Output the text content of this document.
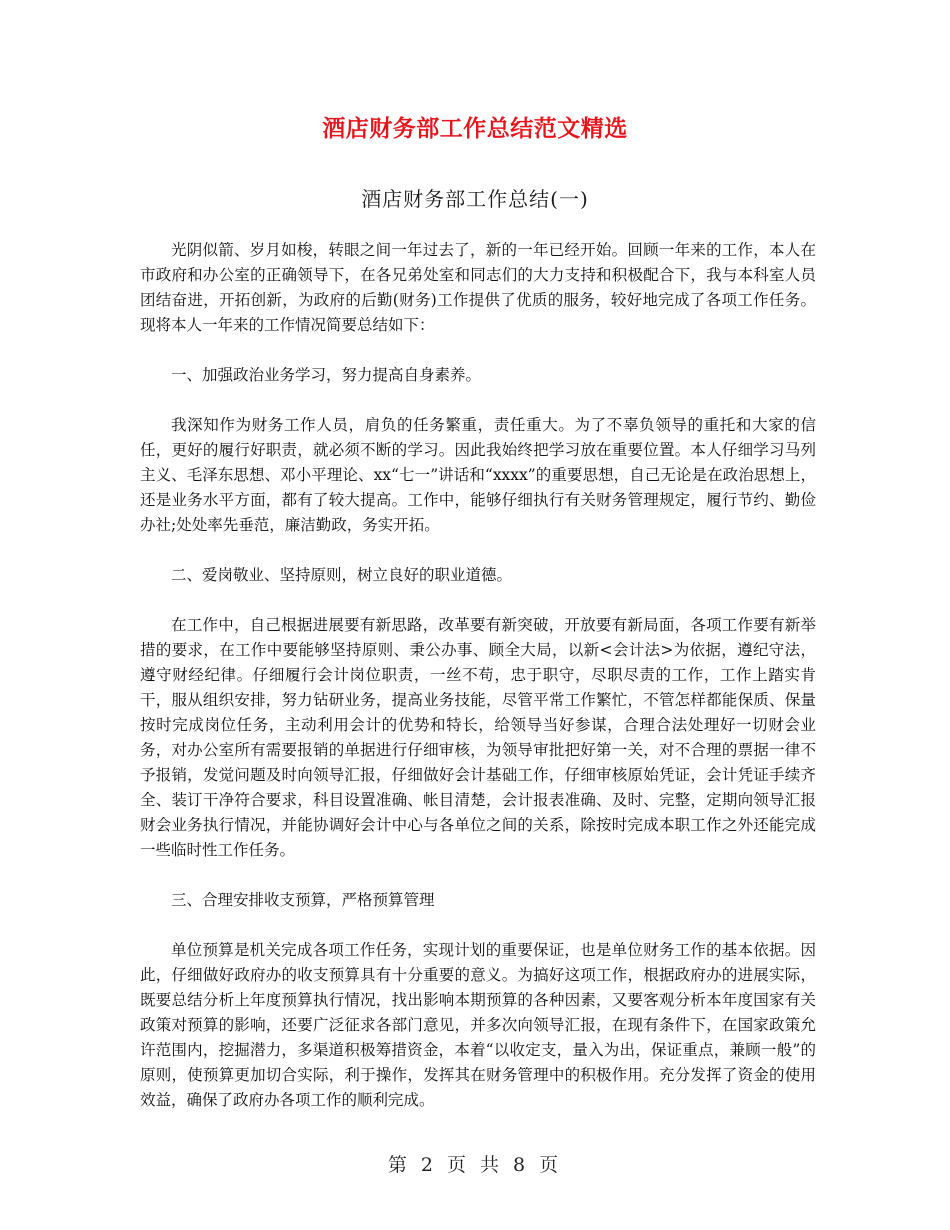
酒店财务部工作总结范文精选
酒店财务部工作总结(一)

光阴似箭、岁月如梭，转眼之间一年过去了，新的一年已经开始。回顾一年来的工作，本人在市政府和办公室的正确领导下，在各兄弟处室和同志们的大力支持和积极配合下，我与本科室人员团结奋进，开拓创新，为政府的后勤(财务)工作提供了优质的服务，较好地完成了各项工作任务。现将本人一年来的工作情况简要总结如下：

一、加强政治业务学习，努力提高自身素养。

我深知作为财务工作人员，肩负的任务繁重，责任重大。为了不辜负领导的重托和大家的信任，更好的履行好职责，就必须不断的学习。因此我始终把学习放在重要位置。本人仔细学习马列主义、毛泽东思想、邓小平理论、xx“七一”讲话和“xxxx”的重要思想，自己无论是在政治思想上，还是业务水平方面，都有了较大提高。工作中，能够仔细执行有关财务管理规定，履行节约、勤俭办社;处处率先垂范，廉洁勤政，务实开拓。

二、爱岗敬业、坚持原则，树立良好的职业道德。

在工作中，自己根据进展要有新思路，改革要有新突破，开放要有新局面，各项工作要有新举措的要求，在工作中要能够坚持原则、秉公办事、顾全大局，以新<会计法>为依据，遵纪守法，遵守财经纪律。仔细履行会计岗位职责，一丝不苟，忠于职守，尽职尽责的工作，工作上踏实肯干，服从组织安排，努力钻研业务，提高业务技能，尽管平常工作繁忙，不管怎样都能保质、保量按时完成岗位任务，主动利用会计的优势和特长，给领导当好参谋，合理合法处理好一切财会业务，对办公室所有需要报销的单据进行仔细审核，为领导审批把好第一关，对不合理的票据一律不予报销，发觉问题及时向领导汇报，仔细做好会计基础工作，仔细审核原始凭证，会计凭证手续齐全、装订干净符合要求，科目设置准确、帐目清楚，会计报表准确、及时、完整，定期向领导汇报财会业务执行情况，并能协调好会计中心与各单位之间的关系，除按时完成本职工作之外还能完成一些临时性工作任务。

三、合理安排收支预算，严格预算管理

单位预算是机关完成各项工作任务，实现计划的重要保证，也是单位财务工作的基本依据。因此，仔细做好政府办的收支预算具有十分重要的意义。为搞好这项工作，根据政府办的进展实际，既要总结分析上年度预算执行情况，找出影响本期预算的各种因素，又要客观分析本年度国家有关政策对预算的影响，还要广泛征求各部门意见，并多次向领导汇报，在现有条件下，在国家政策允许范围内，挖掘潜力，多渠道积极筹措资金，本着“以收定支，量入为出，保证重点，兼顾一般”的原则，使预算更加切合实际，利于操作，发挥其在财务管理中的积极作用。充分发挥了资金的使用效益，确保了政府办各项工作的顺利完成。

第 2 页 共 8 页
